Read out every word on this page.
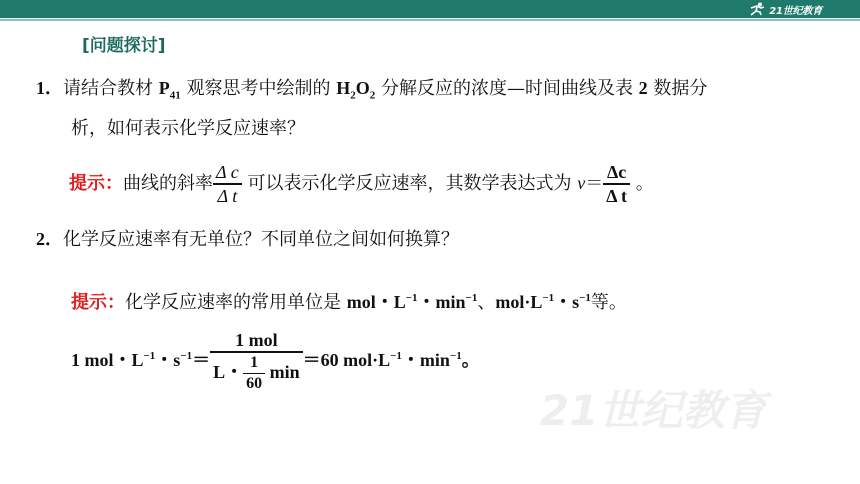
21世纪教育
21世纪教育
[问题探讨]
1．请结合教材 $P_{41}$ 观察思考中绘制的 $H_2O_2$ 分解反应的浓度—时间曲线及表 2 数据分
析，如何表示化学反应速率？
提示：曲线的斜率 $\frac{\text{Δ c}}{\text{Δ t}}$ 可以表示化学反应速率，其数学表达式为 $v= \frac{\Delta c}{\text{Δ t}}$ 。
2．化学反应速率有无单位？不同单位之间如何换算？
提示：化学反应速率的常用单位是 mol・$L^{-1}$・$\min^{-1}$、$mol\cdot L^{-1}$・$s^{-1}$等。
1 mol・$L^{-1}$・$s^{-1}= \frac{\text{1 mol}}{L・ \frac{1}{60} \min} =60$ $mol\cdot L^{-1}$・$\min^{-1}$。
